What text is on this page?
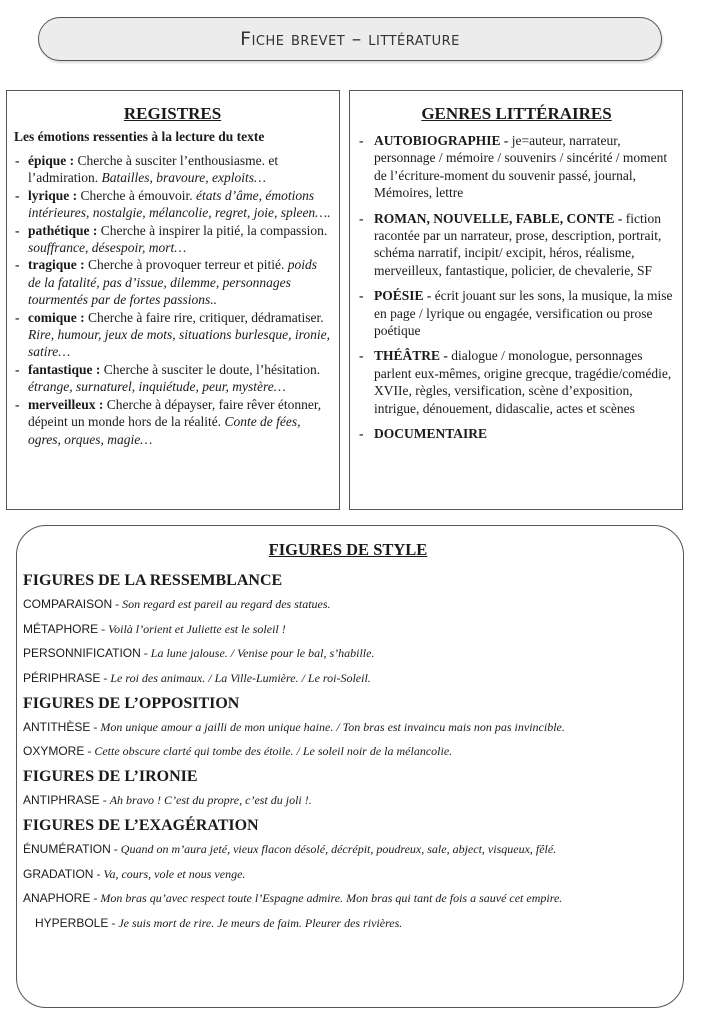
Fiche brevet – littérature
REGISTRES
Les émotions ressenties à la lecture du texte
- épique : Cherche à susciter l’enthousiasme. et l’admiration. Batailles, bravoure, exploits…
- lyrique : Cherche à émouvoir. états d’âme, émotions intérieures, nostalgie, mélancolie, regret, joie, spleen….
- pathétique : Cherche à inspirer la pitié, la compassion. souffrance, désespoir, mort…
- tragique : Cherche à provoquer terreur et pitié. poids de la fatalité, pas d’issue, dilemme, personnages tourmentés par de fortes passions..
- comique : Cherche à faire rire, critiquer, dédramatiser. Rire, humour, jeux de mots, situations burlesque, ironie, satire…
- fantastique : Cherche à susciter le doute, l’hésitation. étrange, surnaturel, inquiétude, peur, mystère…
- merveilleux : Cherche à dépayser, faire rêver étonner, dépeint un monde hors de la réalité. Conte de fées, ogres, orques, magie…
GENRES LITTÉRAIRES
- AUTOBIOGRAPHIE - je=auteur, narrateur, personnage / mémoire / souvenirs / sincérité / moment de l’écriture-moment du souvenir passé, journal, Mémoires, lettre
- ROMAN, NOUVELLE, FABLE, CONTE - fiction racontée par un narrateur, prose, description, portrait, schéma narratif, incipit/ excipit, héros, réalisme, merveilleux, fantastique, policier, de chevalerie, SF
- POÉSIE - écrit jouant sur les sons, la musique, la mise en page / lyrique ou engagée, versification ou prose poétique
- THÉÂTRE - dialogue / monologue, personnages parlent eux-mêmes, origine grecque, tragédie/comédie, XVIIe, règles, versification, scène d’exposition, intrigue, dénouement, didascalie, actes et scènes
- DOCUMENTAIRE
FIGURES DE STYLE
FIGURES DE LA RESSEMBLANCE
COMPARAISON - Son regard est pareil au regard des statues.
MÉTAPHORE - Voilà l’orient et Juliette est le soleil !
PERSONNIFICATION - La lune jalouse. / Venise pour le bal, s’habille.
PÉRIPHRASE - Le roi des animaux. / La Ville-Lumière. / Le roi-Soleil.
FIGURES DE L’OPPOSITION
ANTITHÈSE - Mon unique amour a jailli de mon unique haine. / Ton bras est invaincu mais non pas invincible.
OXYMORE - Cette obscure clarté qui tombe des étoile. / Le soleil noir de la mélancolie.
FIGURES DE L’IRONIE
ANTIPHRASE - Ah bravo ! C’est du propre, c’est du joli !.
FIGURES DE L’EXAGÉRATION
ÉNUMÉRATION - Quand on m’aura jeté, vieux flacon désolé, décrépit, poudreux, sale, abject, visqueux, fêlé.
GRADATION - Va, cours, vole et nous venge.
ANAPHORE - Mon bras qu’avec respect toute l’Espagne admire. Mon bras qui tant de fois a sauvé cet empire.
HYPERBOLE - Je suis mort de rire. Je meurs de faim. Pleurer des rivières.
